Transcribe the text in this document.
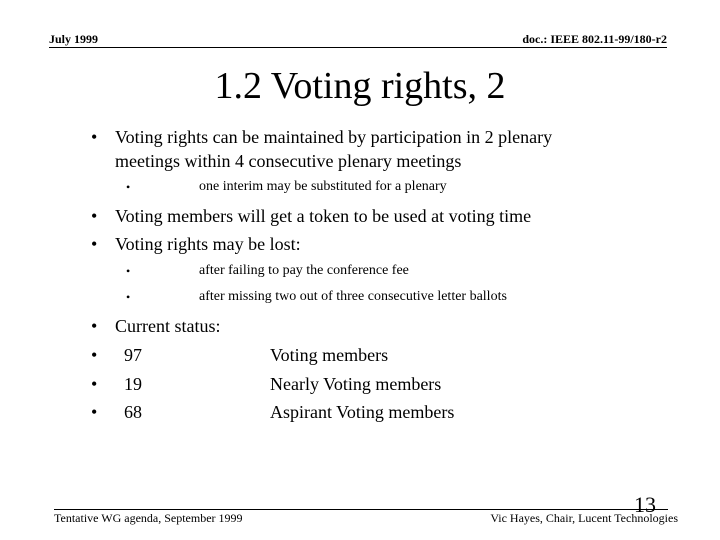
July 1999	doc.: IEEE 802.11-99/180-r2
1.2 Voting rights, 2
• Voting rights can be maintained by participation in 2 plenary
meetings within 4 consecutive plenary meetings
•	one interim may be substituted for a plenary
• Voting members will get a token to be used at voting time
• Voting rights may be lost:
•	after failing to pay the conference fee
•	after missing two out of three consecutive letter ballots
• Current status:
• 97	Voting members
• 19	Nearly Voting members
• 68	Aspirant Voting members
13
Tentative WG agenda, September 1999	Vic Hayes, Chair, Lucent Technologies
